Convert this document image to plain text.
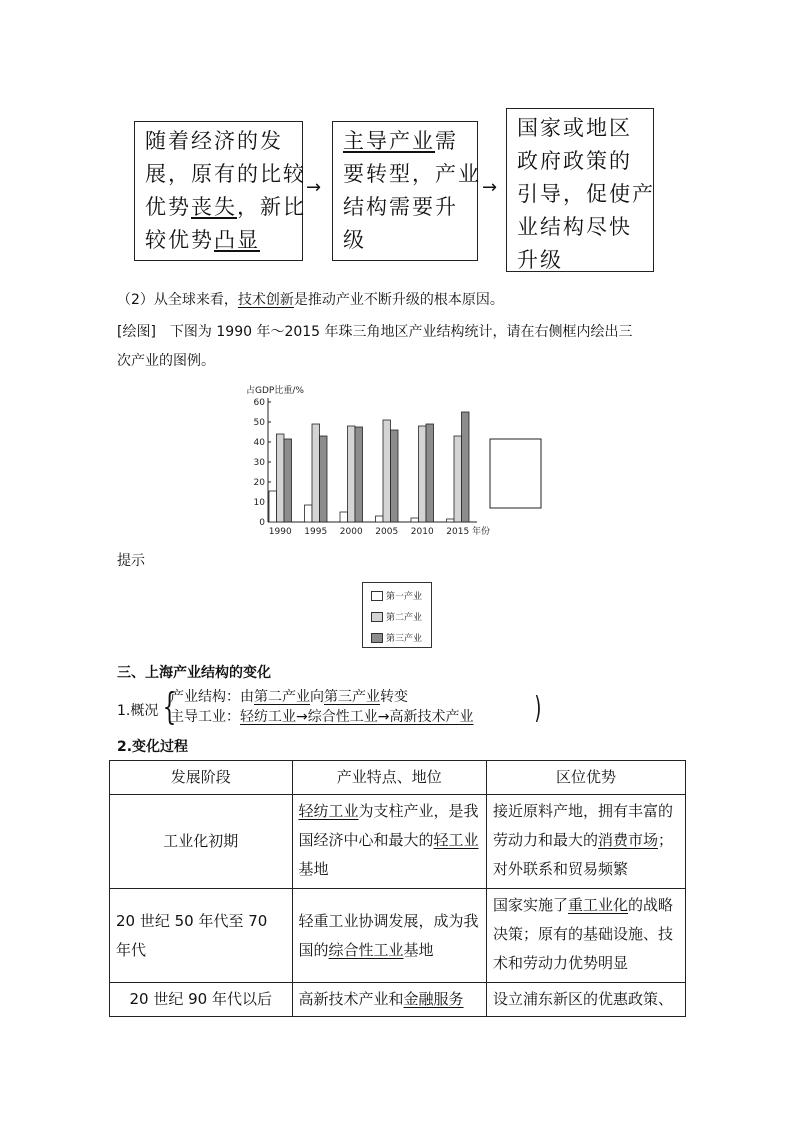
随着经济的发
展，原有的比较
优势丧失，新比
较优势凸显
→
主导产业需
要转型，产业
结构需要升
级
→
国家或地区
政府政策的
引导，促使产
业结构尽快
升级
（2）从全球来看，技术创新是推动产业不断升级的根本原因。
[绘图]　下图为 1990 年～2015 年珠三角地区产业结构统计，请在右侧框内绘出三
次产业的图例。
占GDP比重/%
0
10
20
30
40
50
60
1990 1995 2000 2005 2010 2015 年份
提示
第一产业
第二产业
第三产业
三、上海产业结构的变化
1.概况 {
产业结构：由第二产业向第三产业转变
主导工业：轻纺工业→综合性工业→高新技术产业 )
2.变化过程
发展阶段	产业特点、地位	区位优势
工业化初期	轻纺工业为支柱产业，是我国经济中心和最大的轻工业基地	接近原料产地，拥有丰富的劳动力和最大的消费市场；对外联系和贸易频繁
20 世纪 50 年代至 70 年代	轻重工业协调发展，成为我国的综合性工业基地	国家实施了重工业化的战略决策；原有的基础设施、技术和劳动力优势明显
20 世纪 90 年代以后	高新技术产业和金融服务	设立浦东新区的优惠政策、
